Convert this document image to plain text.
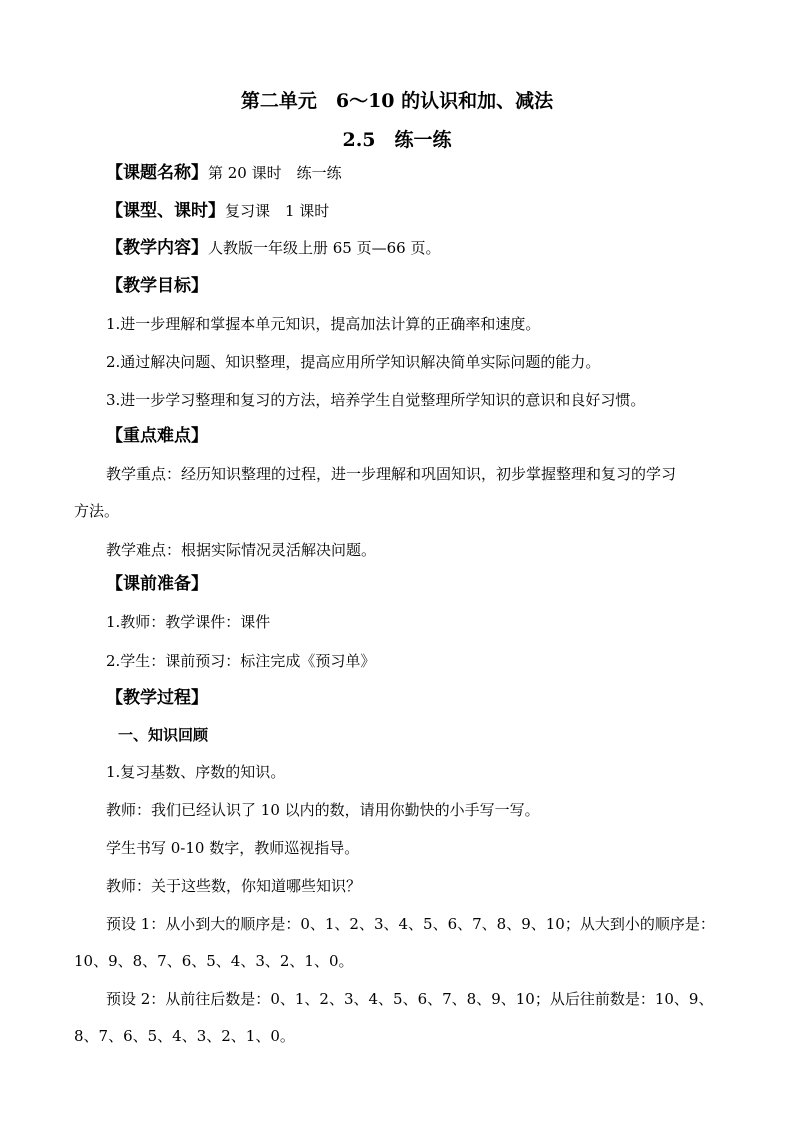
第二单元　6～10 的认识和加、减法
2.5　练一练
【课题名称】第 20 课时　练一练
【课型、课时】复习课　1 课时
【教学内容】人教版一年级上册 65 页—66 页。
【教学目标】
1.进一步理解和掌握本单元知识，提高加法计算的正确率和速度。
2.通过解决问题、知识整理，提高应用所学知识解决简单实际问题的能力。
3.进一步学习整理和复习的方法，培养学生自觉整理所学知识的意识和良好习惯。
【重点难点】
教学重点：经历知识整理的过程，进一步理解和巩固知识，初步掌握整理和复习的学习
方法。
教学难点：根据实际情况灵活解决问题。
【课前准备】
1.教师：教学课件：课件
2.学生：课前预习：标注完成《预习单》
【教学过程】
一、知识回顾
1.复习基数、序数的知识。
教师：我们已经认识了 10 以内的数，请用你勤快的小手写一写。
学生书写 0-10 数字，教师巡视指导。
教师：关于这些数，你知道哪些知识？
预设 1：从小到大的顺序是：0、1、2、3、4、5、6、7、8、9、10；从大到小的顺序是：
10、9、8、7、6、5、4、3、2、1、0。
预设 2：从前往后数是：0、1、2、3、4、5、6、7、8、9、10；从后往前数是：10、9、
8、7、6、5、4、3、2、1、0。
